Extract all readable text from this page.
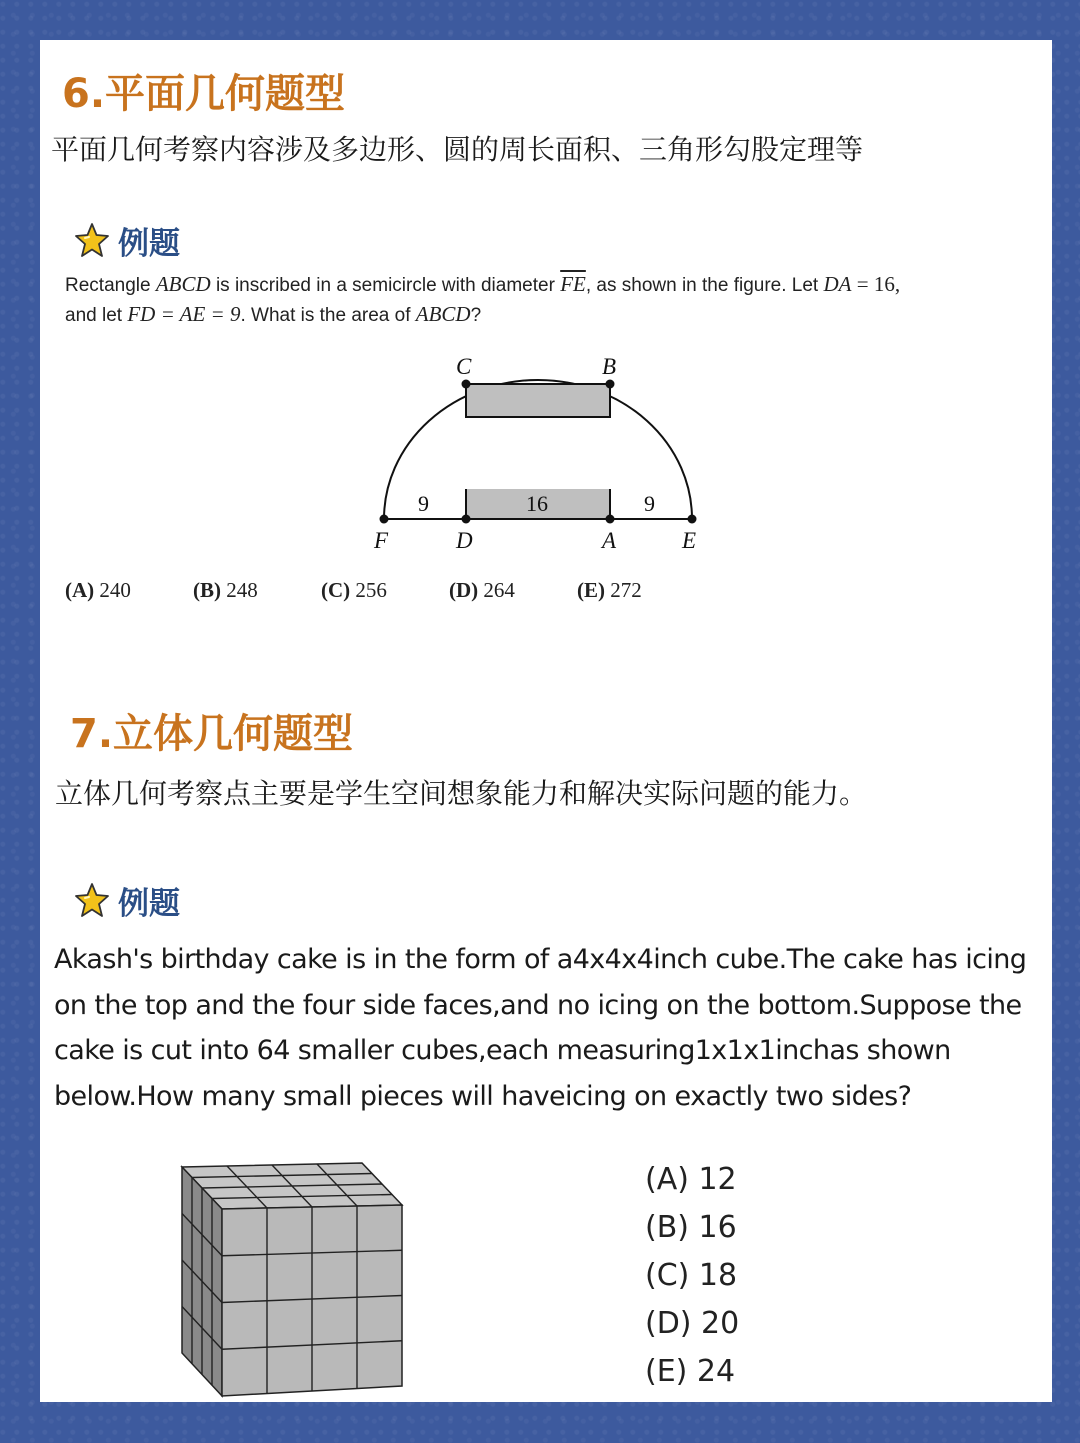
6.平面几何题型

平面几何考察内容涉及多边形、圆的周长面积、三角形勾股定理等

例题
Rectangle ABCD is inscribed in a semicircle with diameter $\overline{FE}$, as shown in the figure. Let DA = 16,
and let FD = AE = 9. What is the area of ABCD?
C	B
F	D	A	E
9	16	9
(A) 240	(B) 248	(C) 256	(D) 264	(E) 272
7.立体几何题型

立体几何考察点主要是学生空间想象能力和解决实际问题的能力。

例题

Akash's birthday cake is in the form of a4x4x4inch cube.The cake has icing

on the top and the four side faces,and no icing on the bottom.Suppose the

cake is cut into 64 smaller cubes,each measuring1x1x1inchas shown

below.How many small pieces will haveicing on exactly two sides?

(A) 12
(B) 16
(C) 18
(D) 20
(E) 24
